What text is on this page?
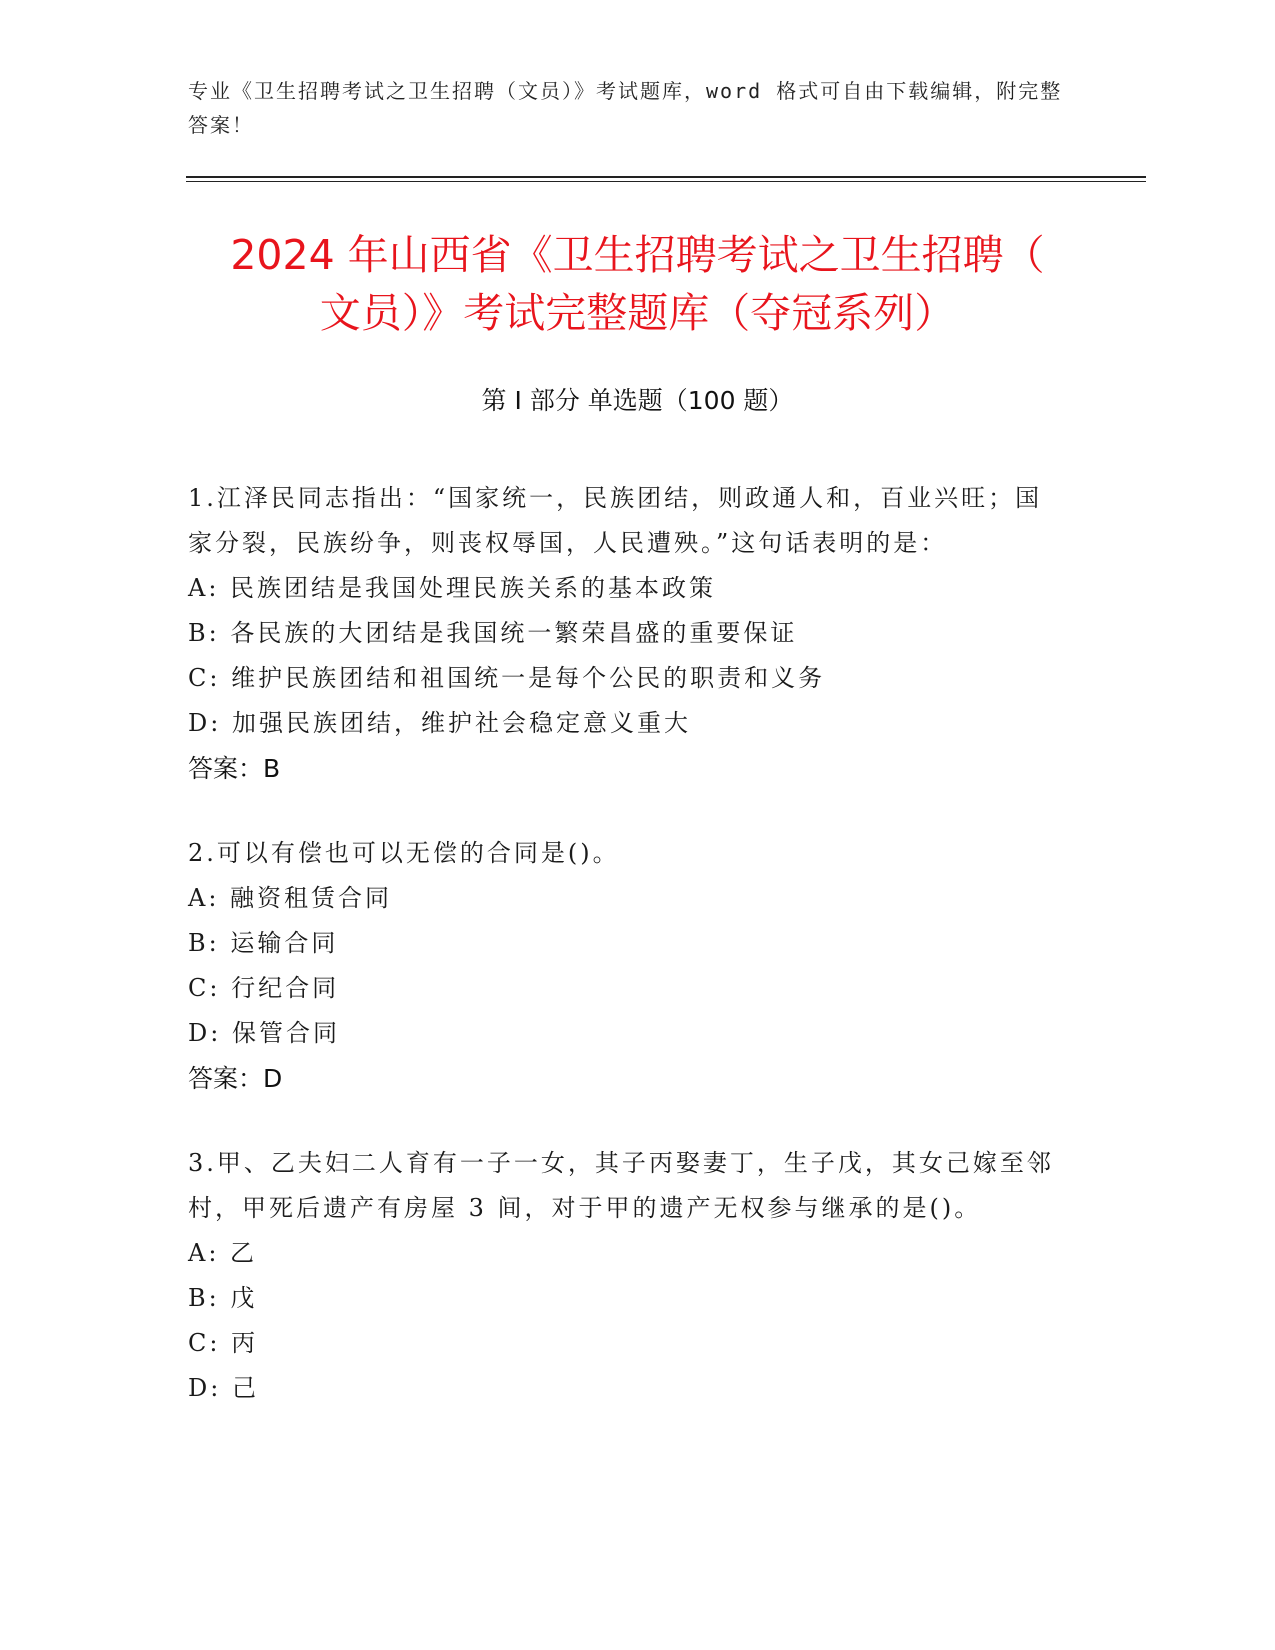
专业《卫生招聘考试之卫生招聘（文员）》考试题库，word 格式可自由下载编辑，附完整答案！
2024 年山西省《卫生招聘考试之卫生招聘（
文员）》考试完整题库（夺冠系列）
第 I 部分 单选题（100 题）
1.江泽民同志指出：“国家统一，民族团结，则政通人和，百业兴旺；国家分裂，民族纷争，则丧权辱国，人民遭殃。”这句话表明的是：
A: 民族团结是我国处理民族关系的基本政策
B: 各民族的大团结是我国统一繁荣昌盛的重要保证
C: 维护民族团结和祖国统一是每个公民的职责和义务
D: 加强民族团结，维护社会稳定意义重大
答案：B
2.可以有偿也可以无偿的合同是()。
A: 融资租赁合同
B: 运输合同
C: 行纪合同
D: 保管合同
答案：D
3.甲、乙夫妇二人育有一子一女，其子丙娶妻丁，生子戊，其女己嫁至邻村，甲死后遗产有房屋 3 间，对于甲的遗产无权参与继承的是()。
A: 乙
B: 戊
C: 丙
D: 己
